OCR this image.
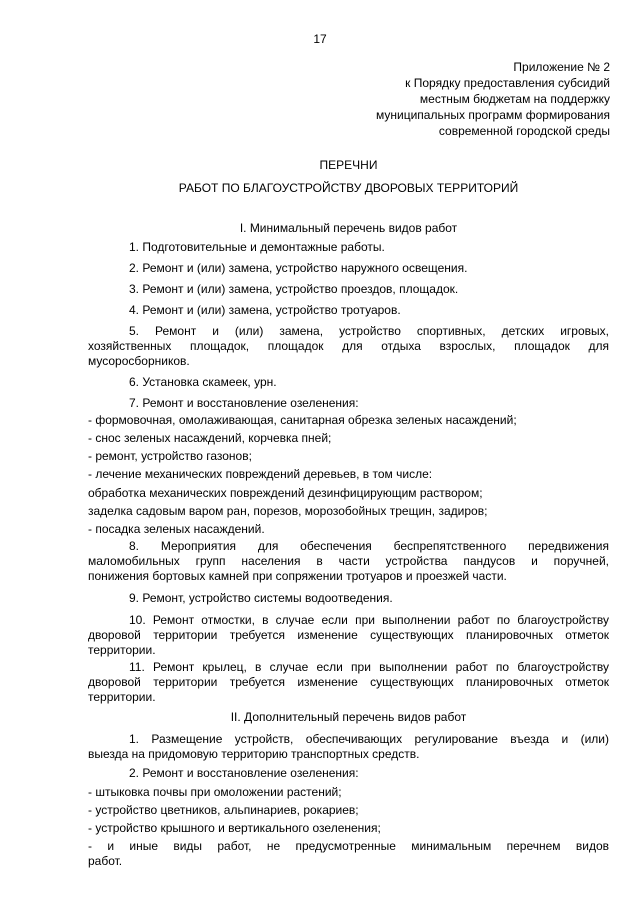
17
Приложение № 2
к Порядку предоставления субсидий
местным бюджетам на поддержку
муниципальных программ формирования
современной городской среды
ПЕРЕЧНИ
РАБОТ ПО БЛАГОУСТРОЙСТВУ ДВОРОВЫХ ТЕРРИТОРИЙ
I. Минимальный перечень видов работ
1. Подготовительные и демонтажные работы.
2. Ремонт и (или) замена, устройство наружного освещения.
3. Ремонт и (или) замена, устройство проездов, площадок.
4. Ремонт и (или) замена, устройство тротуаров.
5. Ремонт и (или) замена, устройство спортивных, детских игровых,
хозяйственных площадок, площадок для отдыха взрослых, площадок для
мусоросборников.
6. Установка скамеек, урн.
7. Ремонт и восстановление озеленения:
- формовочная, омолаживающая, санитарная обрезка зеленых насаждений;
- снос зеленых насаждений, корчевка пней;
- ремонт, устройство газонов;
- лечение механических повреждений деревьев, в том числе:
обработка механических повреждений дезинфицирующим раствором;
заделка садовым варом ран, порезов, морозобойных трещин, задиров;
- посадка зеленых насаждений.
8. Мероприятия для обеспечения беспрепятственного передвижения
маломобильных групп населения в части устройства пандусов и поручней,
понижения бортовых камней при сопряжении тротуаров и проезжей части.
9. Ремонт, устройство системы водоотведения.
10. Ремонт отмостки, в случае если при выполнении работ по благоустройству
дворовой территории требуется изменение существующих планировочных отметок
территории.
11. Ремонт крылец, в случае если при выполнении работ по благоустройству
дворовой территории требуется изменение существующих планировочных отметок
территории.
II. Дополнительный перечень видов работ
1. Размещение устройств, обеспечивающих регулирование въезда и (или)
выезда на придомовую территорию транспортных средств.
2. Ремонт и восстановление озеленения:
- штыковка почвы при омоложении растений;
- устройство цветников, альпинариев, рокариев;
- устройство крышного и вертикального озеленения;
- и иные виды работ, не предусмотренные минимальным перечнем видов
работ.
